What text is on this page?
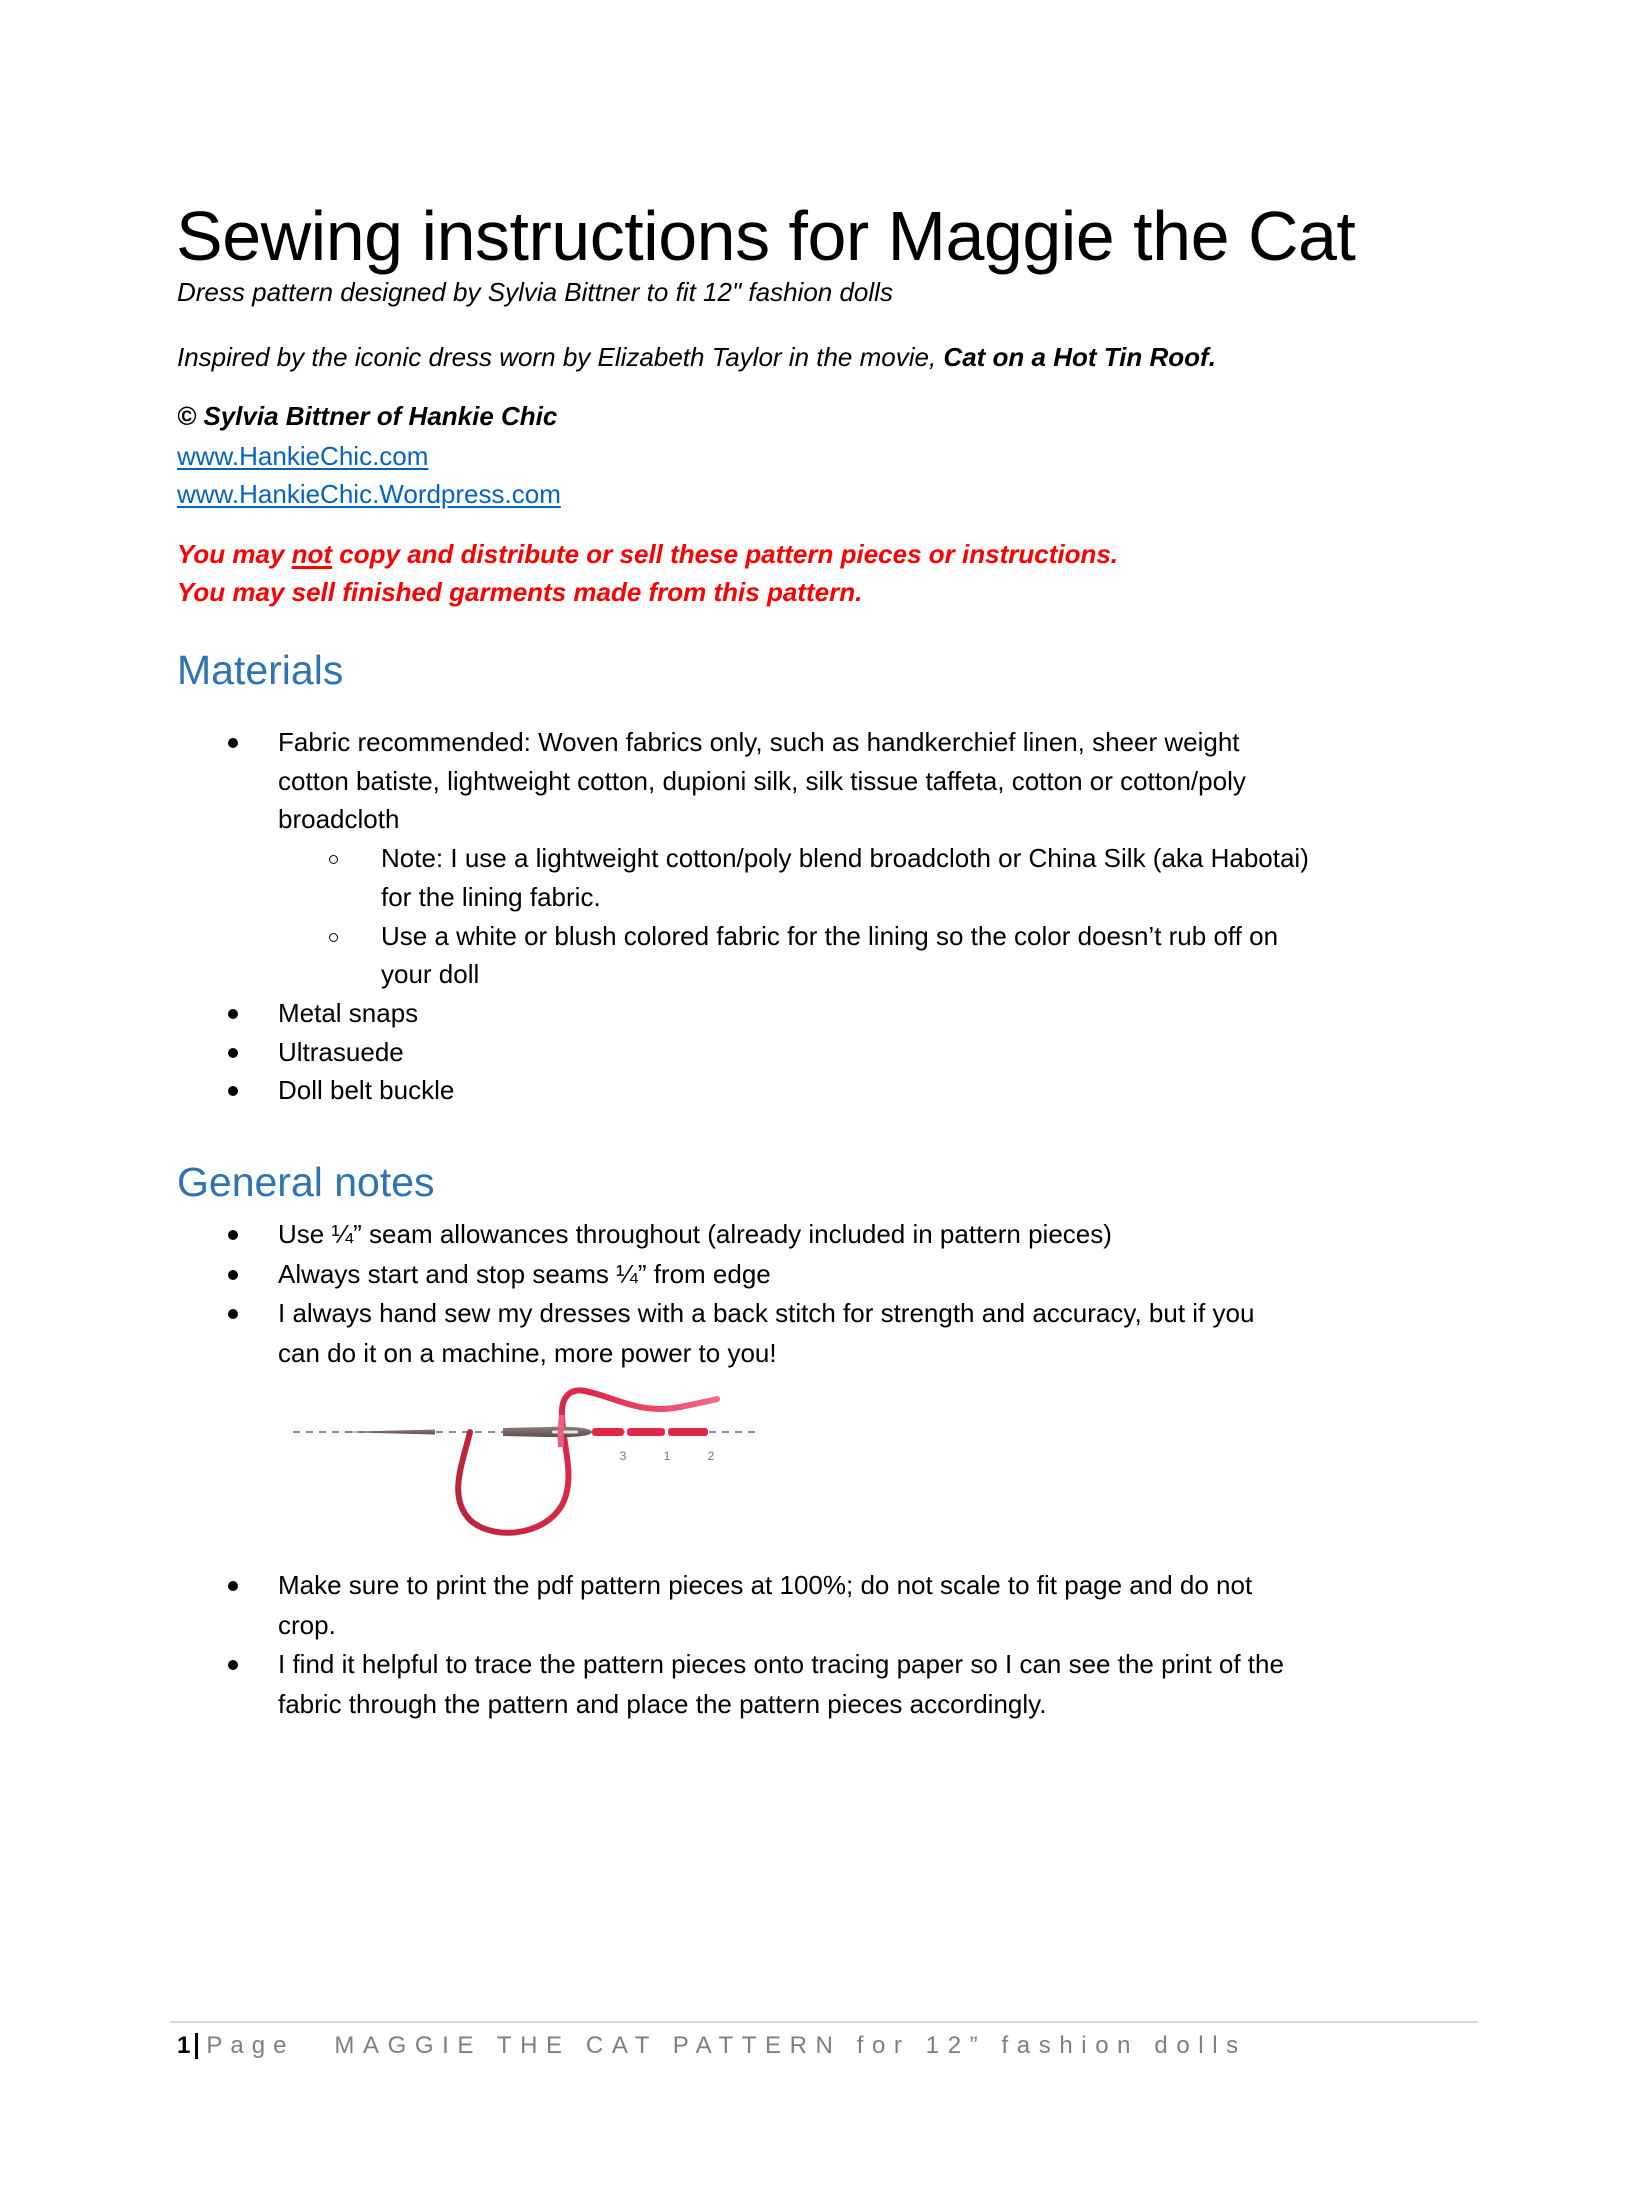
Sewing instructions for Maggie the Cat
Dress pattern designed by Sylvia Bittner to fit 12" fashion dolls
Inspired by the iconic dress worn by Elizabeth Taylor in the movie, Cat on a Hot Tin Roof.
© Sylvia Bittner of Hankie Chic
www.HankieChic.com
www.HankieChic.Wordpress.com
You may not copy and distribute or sell these pattern pieces or instructions.
You may sell finished garments made from this pattern.
Materials
Fabric recommended: Woven fabrics only, such as handkerchief linen, sheer weight
cotton batiste, lightweight cotton, dupioni silk, silk tissue taffeta, cotton or cotton/poly
broadcloth
Note: I use a lightweight cotton/poly blend broadcloth or China Silk (aka Habotai)
for the lining fabric.
Use a white or blush colored fabric for the lining so the color doesn’t rub off on
your doll
Metal snaps
Ultrasuede
Doll belt buckle
General notes
Use ¼” seam allowances throughout (already included in pattern pieces)
Always start and stop seams ¼” from edge
I always hand sew my dresses with a back stitch for strength and accuracy, but if you
can do it on a machine, more power to you!
3	1	2
Make sure to print the pdf pattern pieces at 100%; do not scale to fit page and do not
crop.
I find it helpful to trace the pattern pieces onto tracing paper so I can see the print of the
fabric through the pattern and place the pattern pieces accordingly.
1 Page MAGGIE THE CAT PATTERN for 12” fashion dolls
